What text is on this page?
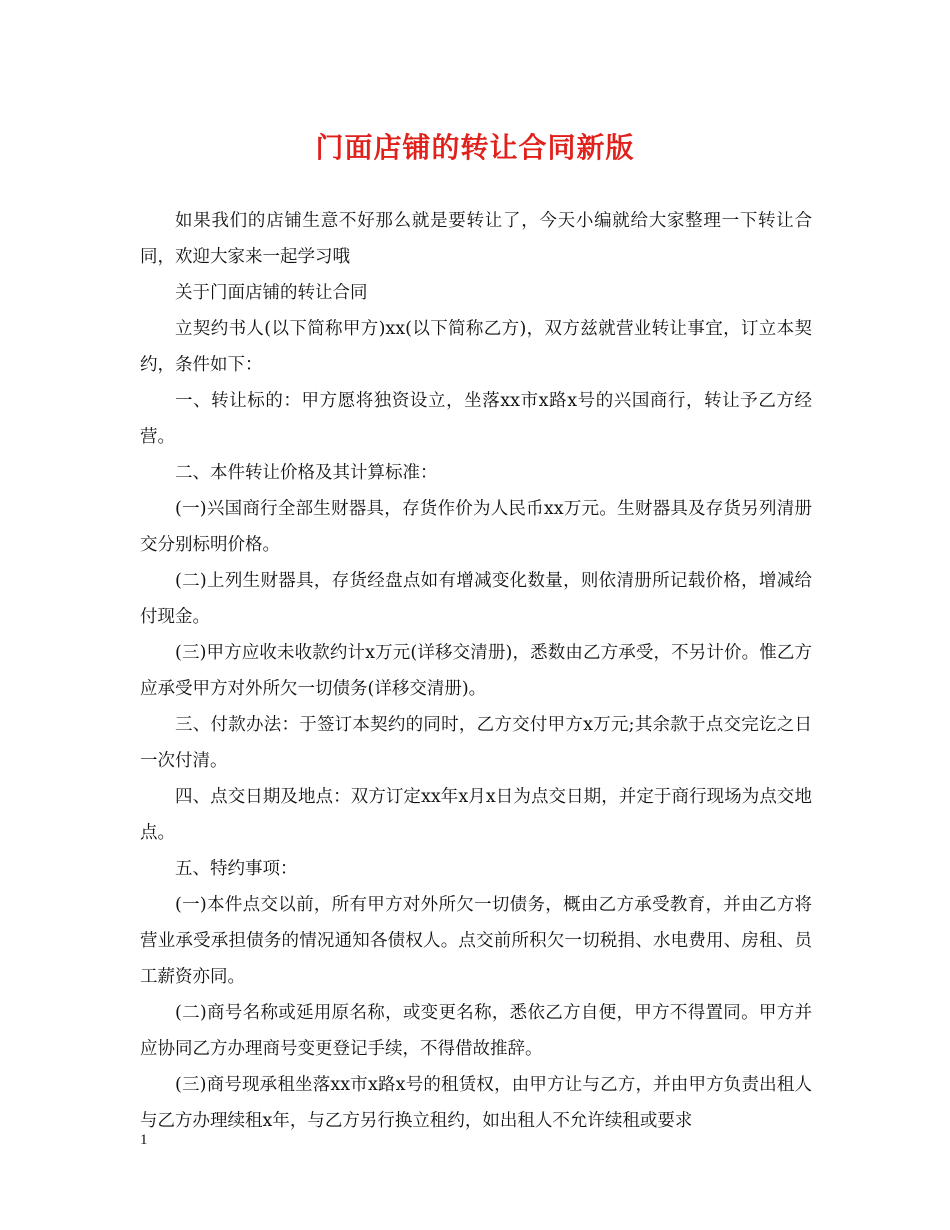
门面店铺的转让合同新版

如果我们的店铺生意不好那么就是要转让了，今天小编就给大家整理一下转让合同，欢迎大家来一起学习哦

关于门面店铺的转让合同

立契约书人(以下简称甲方)xx(以下简称乙方)，双方兹就营业转让事宜，订立本契约，条件如下：

一、转让标的：甲方愿将独资设立，坐落xx市x路x号的兴国商行，转让予乙方经营。

二、本件转让价格及其计算标准：

(一)兴国商行全部生财器具，存货作价为人民币xx万元。生财器具及存货另列清册交分别标明价格。

(二)上列生财器具，存货经盘点如有增减变化数量，则依清册所记载价格，增减给付现金。

(三)甲方应收未收款约计x万元(详移交清册)，悉数由乙方承受，不另计价。惟乙方应承受甲方对外所欠一切债务(详移交清册)。

三、付款办法：于签订本契约的同时，乙方交付甲方x万元;其余款于点交完讫之日一次付清。

四、点交日期及地点：双方订定xx年x月x日为点交日期，并定于商行现场为点交地点。

五、特约事项：

(一)本件点交以前，所有甲方对外所欠一切债务，概由乙方承受教育，并由乙方将营业承受承担债务的情况通知各债权人。点交前所积欠一切税捐、水电费用、房租、员工薪资亦同。

(二)商号名称或延用原名称，或变更名称，悉依乙方自便，甲方不得置同。甲方并应协同乙方办理商号变更登记手续，不得借故推辞。

(三)商号现承租坐落xx市x路x号的租赁权，由甲方让与乙方，并由甲方负责出租人与乙方办理续租x年，与乙方另行换立租约，如出租人不允许续租或要求

1
